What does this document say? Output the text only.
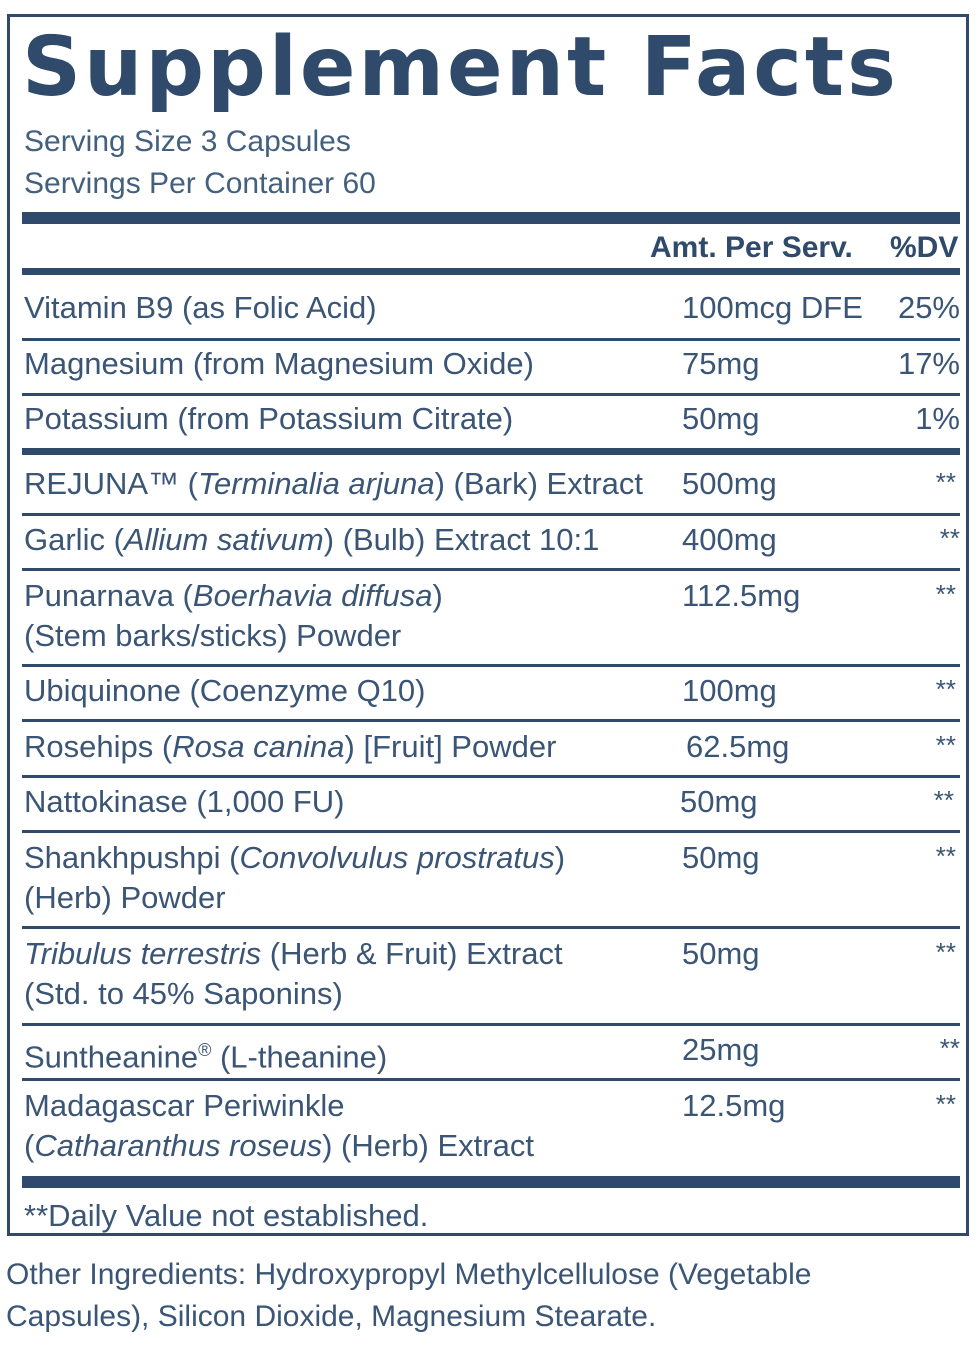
Supplement Facts
Serving Size 3 Capsules
Servings Per Container 60
Amt. Per Serv. %DV
Vitamin B9 (as Folic Acid)	100mcg DFE	25%
Magnesium (from Magnesium Oxide)	75mg	17%
Potassium (from Potassium Citrate)	50mg	1%
REJUNA™ (Terminalia arjuna) (Bark) Extract 500mg	**
Garlic (Allium sativum) (Bulb) Extract 10:1	400mg	**
Punarnava (Boerhavia diffusa)
(Stem barks/sticks) Powder
112.5mg	**
Ubiquinone (Coenzyme Q10)	100mg	**
Rosehips (Rosa canina) [Fruit] Powder	62.5mg	**
Nattokinase (1,000 FU)	50mg	**
Shankhpushpi (Convolvulus prostratus)
(Herb) Powder
50mg	**
Tribulus terrestris (Herb & Fruit) Extract
(Std. to 45% Saponins)
50mg	**
Suntheanine® (L-theanine)	25mg	**
Madagascar Periwinkle
(Catharanthus roseus) (Herb) Extract
12.5mg	**
**Daily Value not established.
Other Ingredients: Hydroxypropyl Methylcellulose (Vegetable
Capsules), Silicon Dioxide, Magnesium Stearate.
